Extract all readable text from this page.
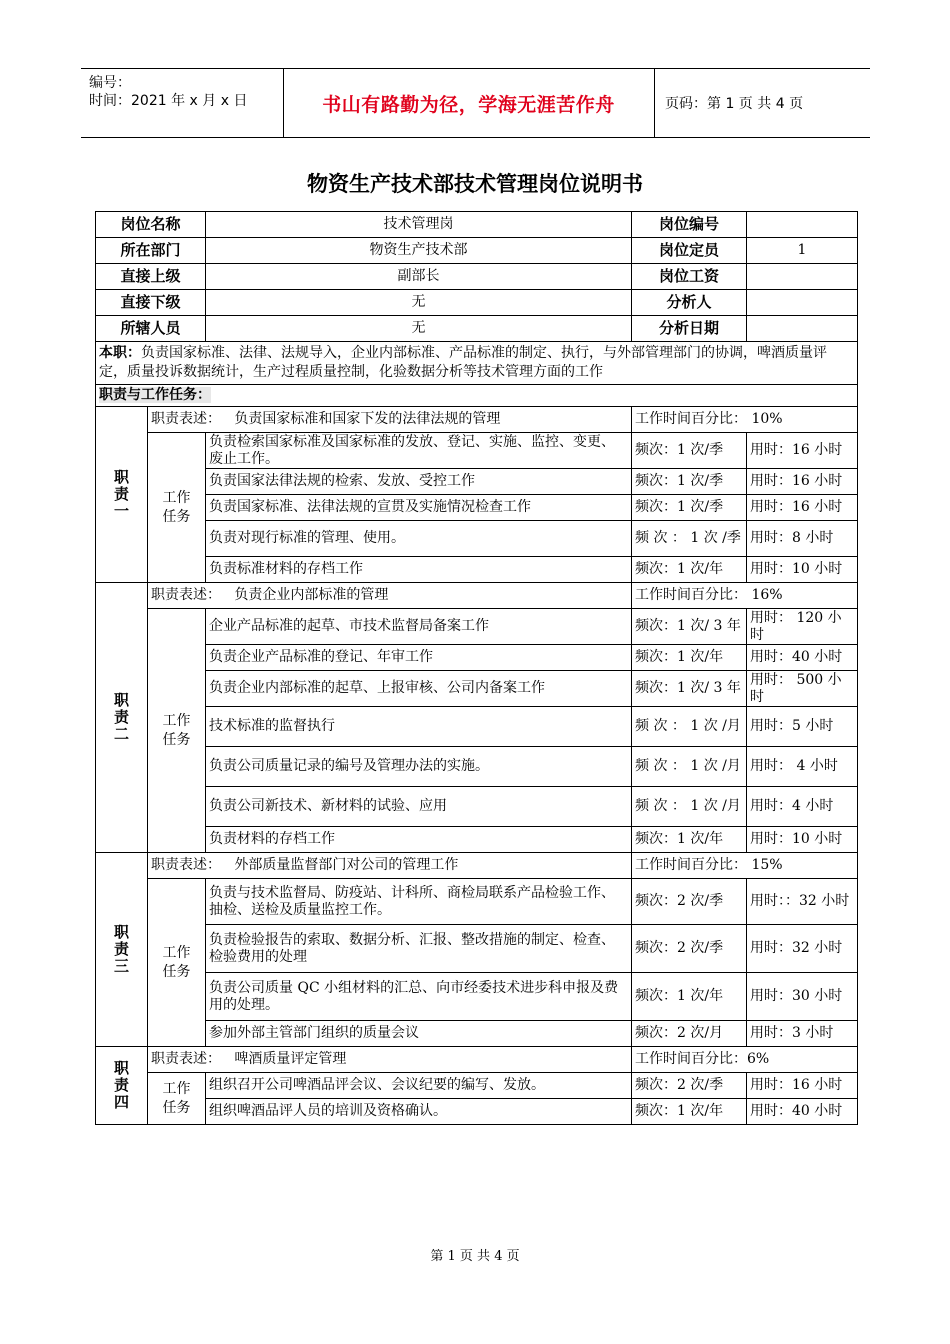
编号：
时间：2021 年 x 月 x 日	书山有路勤为径，学海无涯苦作舟	页码：第 1 页 共 4 页
物资生产技术部技术管理岗位说明书
岗位名称		技术管理岗	岗位编号	
所在部门		物资生产技术部	岗位定员	1
直接上级		副部长	岗位工资	
直接下级		无	分析人	
所辖人员		无	分析日期	
本职：负责国家标准、法律、法规导入，企业内部标准、产品标准的制定、执行，与外部管理部门的协调，啤酒质量评定，质量投诉数据统计，生产过程质量控制，化验数据分析等技术管理方面的工作				
职责与工作任务：				
职责一	职责表述： 负责国家标准和国家下发的法律法规的管理		工作时间百分比： 10%	
	工作任务	负责检索国家标准及国家标准的发放、登记、实施、监控、变更、废止工作。	频次：1 次/季	用时：16 小时
		负责国家法律法规的检索、发放、受控工作	频次：1 次/季	用时：16 小时
		负责国家标准、法律法规的宣贯及实施情况检查工作	频次：1 次/季	用时：16 小时
		负责对现行标准的管理、使用。	频 次 ： 1 次 /季	用时：8 小时
		负责标准材料的存档工作	频次：1 次/年	用时：10 小时
职责二	职责表述： 负责企业内部标准的管理		工作时间百分比： 16%	
	工作任务	企业产品标准的起草、市技术监督局备案工作	频次：1 次/ 3 年	用时： 120 小时
		负责企业产品标准的登记、年审工作	频次：1 次/年	用时：40 小时
		负责企业内部标准的起草、上报审核、公司内备案工作	频次：1 次/ 3 年	用时： 500 小时
		技术标准的监督执行	频 次 ： 1 次 /月	用时：5 小时
		负责公司质量记录的编号及管理办法的实施。	频 次 ： 1 次 /月	用时： 4 小时
		负责公司新技术、新材料的试验、应用	频 次 ： 1 次 /月	用时：4 小时
		负责材料的存档工作	频次：1 次/年	用时：10 小时
职责三	职责表述： 外部质量监督部门对公司的管理工作		工作时间百分比： 15%	
	工作任务	负责与技术监督局、防疫站、计科所、商检局联系产品检验工作、抽检、送检及质量监控工作。	频次：2 次/季	用时：：32 小时
		负责检验报告的索取、数据分析、汇报、整改措施的制定、检查、检验费用的处理	频次：2 次/季	用时：32 小时
		负责公司质量 QC 小组材料的汇总、向市经委技术进步科申报及费用的处理。	频次：1 次/年	用时：30 小时
		参加外部主管部门组织的质量会议	频次：2 次/月	用时：3 小时
职责四	职责表述： 啤酒质量评定管理		工作时间百分比：6%	
	工作任务	组织召开公司啤酒品评会议、会议纪要的编写、发放。	频次：2 次/季	用时：16 小时
		组织啤酒品评人员的培训及资格确认。	频次：1 次/年	用时：40 小时
第 1 页 共 4 页
